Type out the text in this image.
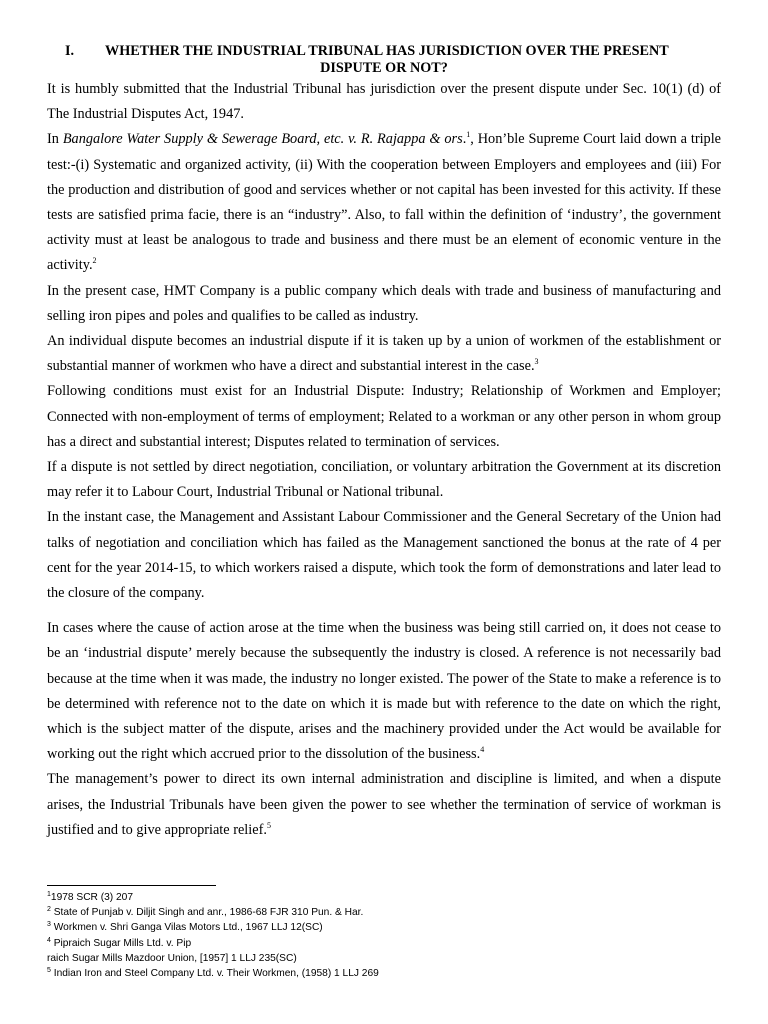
I.	WHETHER THE INDUSTRIAL TRIBUNAL HAS JURISDICTION OVER THE PRESENT
DISPUTE OR NOT?

It is humbly submitted that the Industrial Tribunal has jurisdiction over the present dispute under Sec. 10(1) (d) of The Industrial Disputes Act, 1947.

In Bangalore Water Supply & Sewerage Board, etc. v. R. Rajappa & ors.$^1$, Hon’ble Supreme Court laid down a triple test:-(i) Systematic and organized activity, (ii) With the cooperation between Employers and employees and (iii) For the production and distribution of good and services whether or not capital has been invested for this activity. If these tests are satisfied prima facie, there is an “industry”. Also, to fall within the definition of ‘industry’, the government activity must at least be analogous to trade and business and there must be an element of economic venture in the activity.$^2$

In the present case, HMT Company is a public company which deals with trade and business of manufacturing and selling iron pipes and poles and qualifies to be called as industry.

An individual dispute becomes an industrial dispute if it is taken up by a union of workmen of the establishment or substantial manner of workmen who have a direct and substantial interest in the case.$^3$

Following conditions must exist for an Industrial Dispute: Industry; Relationship of Workmen and Employer; Connected with non-employment of terms of employment; Related to a workman or any other person in whom group has a direct and substantial interest; Disputes related to termination of services.

If a dispute is not settled by direct negotiation, conciliation, or voluntary arbitration the Government at its discretion may refer it to Labour Court, Industrial Tribunal or National tribunal.

In the instant case, the Management and Assistant Labour Commissioner and the General Secretary of the Union had talks of negotiation and conciliation which has failed as the Management sanctioned the bonus at the rate of 4 per cent for the year 2014-15, to which workers raised a dispute, which took the form of demonstrations and later lead to the closure of the company.

In cases where the cause of action arose at the time when the business was being still carried on, it does not cease to be an ‘industrial dispute’ merely because the subsequently the industry is closed. A reference is not necessarily bad because at the time when it was made, the industry no longer existed. The power of the State to make a reference is to be determined with reference not to the date on which it is made but with reference to the date on which the right, which is the subject matter of the dispute, arises and the machinery provided under the Act would be available for working out the right which accrued prior to the dissolution of the business.$^4$

The management’s power to direct its own internal administration and discipline is limited, and when a dispute arises, the Industrial Tribunals have been given the power to see whether the termination of service of workman is justified and to give appropriate relief.$^5$

$^1$1978 SCR (3) 207
$^2$ State of Punjab v. Diljit Singh and anr., 1986-68 FJR 310 Pun. & Har.
$^3$ Workmen v. Shri Ganga Vilas Motors Ltd., 1967 LLJ 12(SC)
$^4$ Pipraich Sugar Mills Ltd. v. Pip
raich Sugar Mills Mazdoor Union, [1957] 1 LLJ 235(SC)
$^5$ Indian Iron and Steel Company Ltd. v. Their Workmen, (1958) 1 LLJ 269
